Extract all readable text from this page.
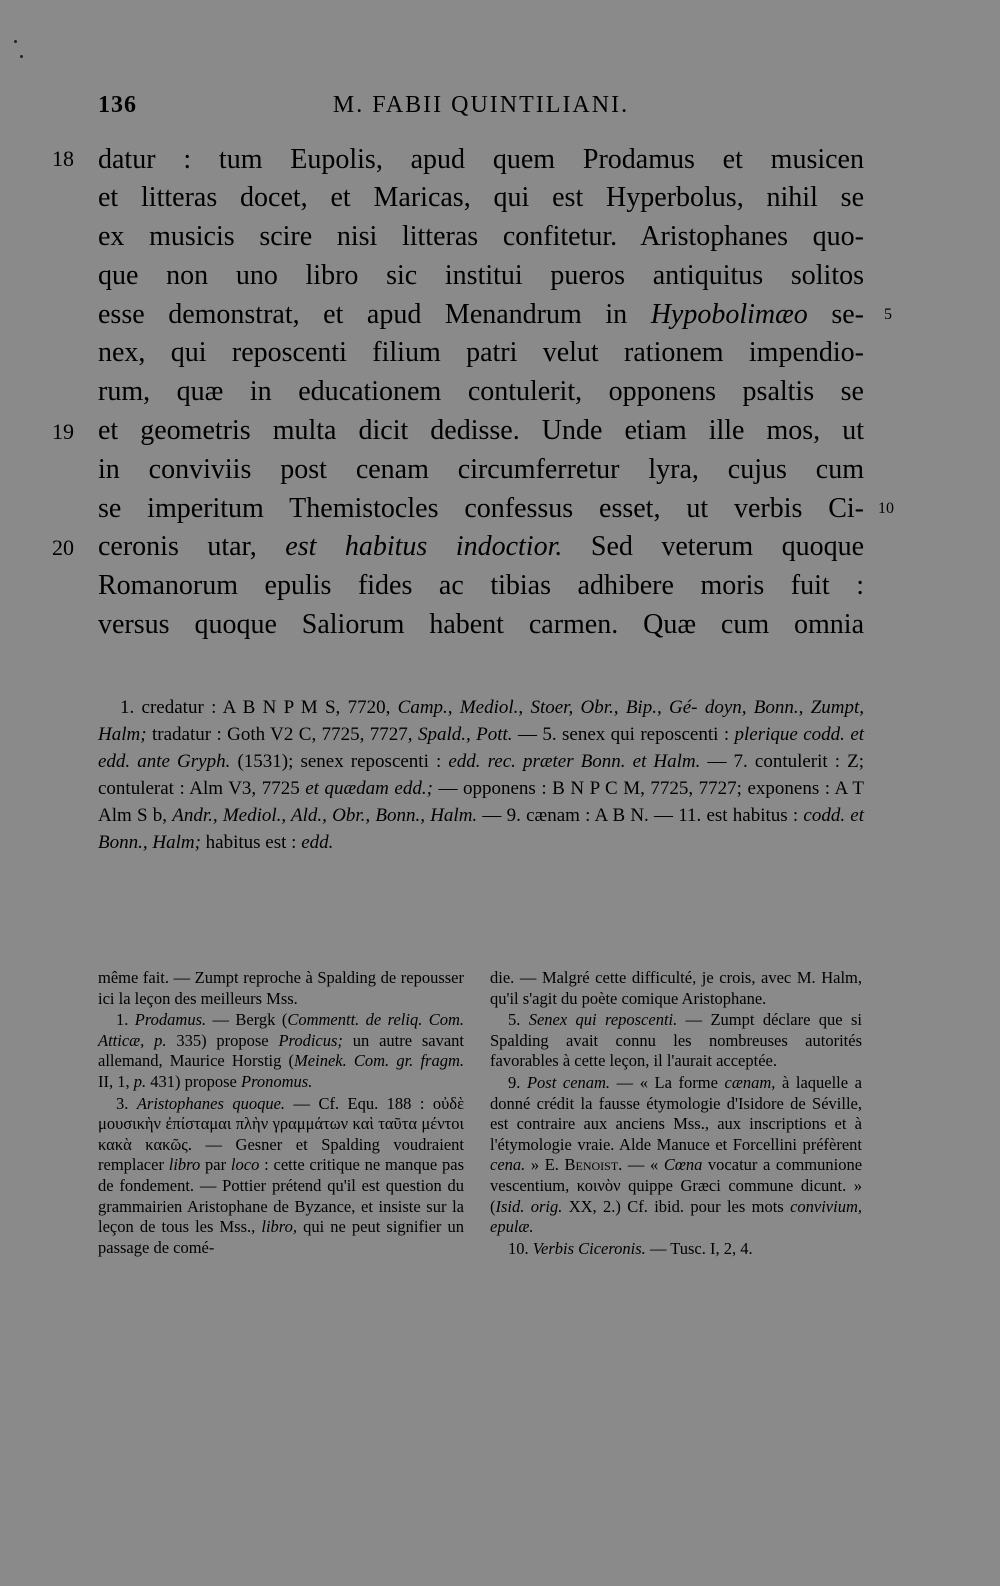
136	M. FABII QUINTILIANI.
datur : tum Eupolis, apud quem Prodamus et musicen
et litteras docet, et Maricas, qui est Hyperbolus, nihil se
ex musicis scire nisi litteras confitetur. Aristophanes quo-
que non uno libro sic institui pueros antiquitus solitos
esse demonstrat, et apud Menandrum in Hypobolimæo se-
nex, qui reposcenti filium patri velut rationem impendio-
rum, quæ in educationem contulerit, opponens psaltis se
et geometris multa dicit dedisse. Unde etiam ille mos, ut
in conviviis post cenam circumferretur lyra, cujus cum
se imperitum Themistocles confessus esset, ut verbis Ci-
ceronis utar, est habitus indoctior. Sed veterum quoque
Romanorum epulis fides ac tibias adhibere moris fuit :
versus quoque Saliorum habent carmen. Quæ cum omnia
18
19
20
5
10

1. credatur : A B N P M S, 7720, Camp., Mediol., Stoer, Obr., Bip., Gé- doyn, Bonn., Zumpt, Halm; tradatur : Goth V2 C, 7725, 7727, Spald., Pott. — 5. senex qui reposcenti : plerique codd. et edd. ante Gryph. (1531); senex reposcenti : edd. rec. præter Bonn. et Halm. — 7. contulerit : Z; contulerat : Alm V3, 7725 et quædam edd.; — opponens : B N P C M, 7725, 7727; exponens : A T Alm S b, Andr., Mediol., Ald., Obr., Bonn., Halm. — 9. cænam : A B N. — 11. est habitus : codd. et Bonn., Halm; habitus est : edd.

même fait. — Zumpt reproche à Spalding de repousser ici la leçon des meilleurs Mss.

1. Prodamus. — Bergk (Commentt. de reliq. Com. Atticæ, p. 335) propose Prodicus; un autre savant allemand, Maurice Horstig (Meinek. Com. gr. fragm. II, 1, p. 431) propose Pronomus.

3. Aristophanes quoque. — Cf. Equ. 188 : οὐδὲ μουσικὴν ἐπίσταμαι πλὴν γραμμάτων καὶ ταῦτα μέντοι κακὰ κακῶς. — Gesner et Spalding voudraient remplacer libro par loco : cette critique ne manque pas de fondement. — Pottier prétend qu'il est question du grammairien Aristophane de Byzance, et insiste sur la leçon de tous les Mss., libro, qui ne peut signifier un passage de comé-

die. — Malgré cette difficulté, je crois, avec M. Halm, qu'il s'agit du poète comique Aristophane.

5. Senex qui reposcenti. — Zumpt déclare que si Spalding avait connu les nombreuses autorités favorables à cette leçon, il l'aurait acceptée.

9. Post cenam. — « La forme cænam, à laquelle a donné crédit la fausse étymologie d'Isidore de Séville, est contraire aux anciens Mss., aux inscriptions et à l'étymologie vraie. Alde Manuce et Forcellini préfèrent cena. » E. Benoist. — « Cœna vocatur a communione vescentium, κοινὸν quippe Græci commune dicunt. » (Isid. orig. XX, 2.) Cf. ibid. pour les mots convivium, epulæ.

10. Verbis Ciceronis. — Tusc. I, 2, 4.
